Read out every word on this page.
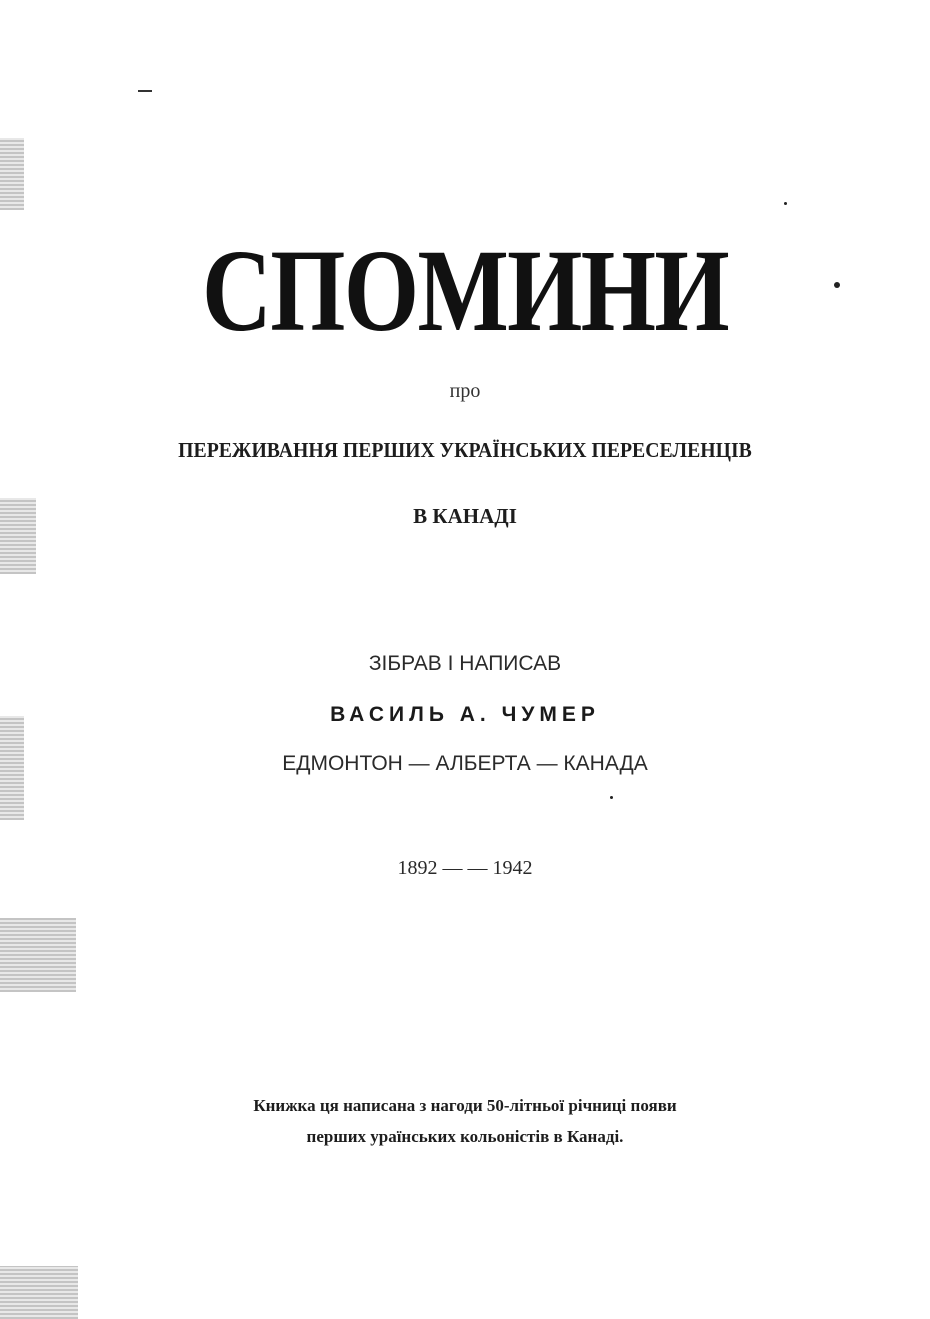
СПОМИНИ
про
ПЕРЕЖИВАННЯ ПЕРШИХ УКРАЇНСЬКИХ ПЕРЕСЕЛЕНЦІВ
В КАНАДІ
ЗІБРАВ І НАПИСАВ
ВАСИЛЬ А. ЧУМЕР
ЕДМОНТОН — АЛБЕРТА — КАНАДА
1892 — — 1942
Книжка ця написана з нагоди 50-літньої річниці появи
перших ураїнських кольоністів в Канаді.
